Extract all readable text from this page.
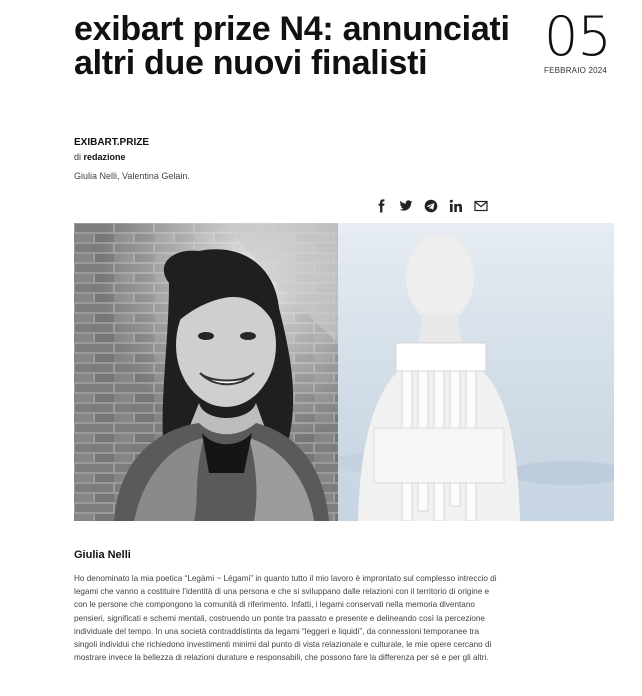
exibart prize N4: annunciati altri due nuovi finalisti	05
FEBBRAIO 2024
EXIBART.PRIZE
di redazione
Giulia Nelli, Valentina Gelain.
Giulia Nelli

Ho denominato la mia poetica “Legàmi ~ Légami” in quanto tutto il mio lavoro è improntato sul complesso intreccio di legami che vanno a costituire l’identità di una persona e che si sviluppano dalle relazioni con il territorio di origine e con le persone che compongono la comunità di riferimento. Infatti, i legami conservati nella memoria diventano pensieri, significati e schemi mentali, costruendo un ponte tra passato e presente e delineando così la percezione individuale del tempo. In una società contraddistinta da legami “leggeri e liquidi”, da connessioni temporanee tra singoli individui che richiedono investimenti minimi dal punto di vista relazionale e culturale, le mie opere cercano di mostrare invece la bellezza di relazioni durature e responsabili, che possono fare la differenza per sé e per gli altri.
